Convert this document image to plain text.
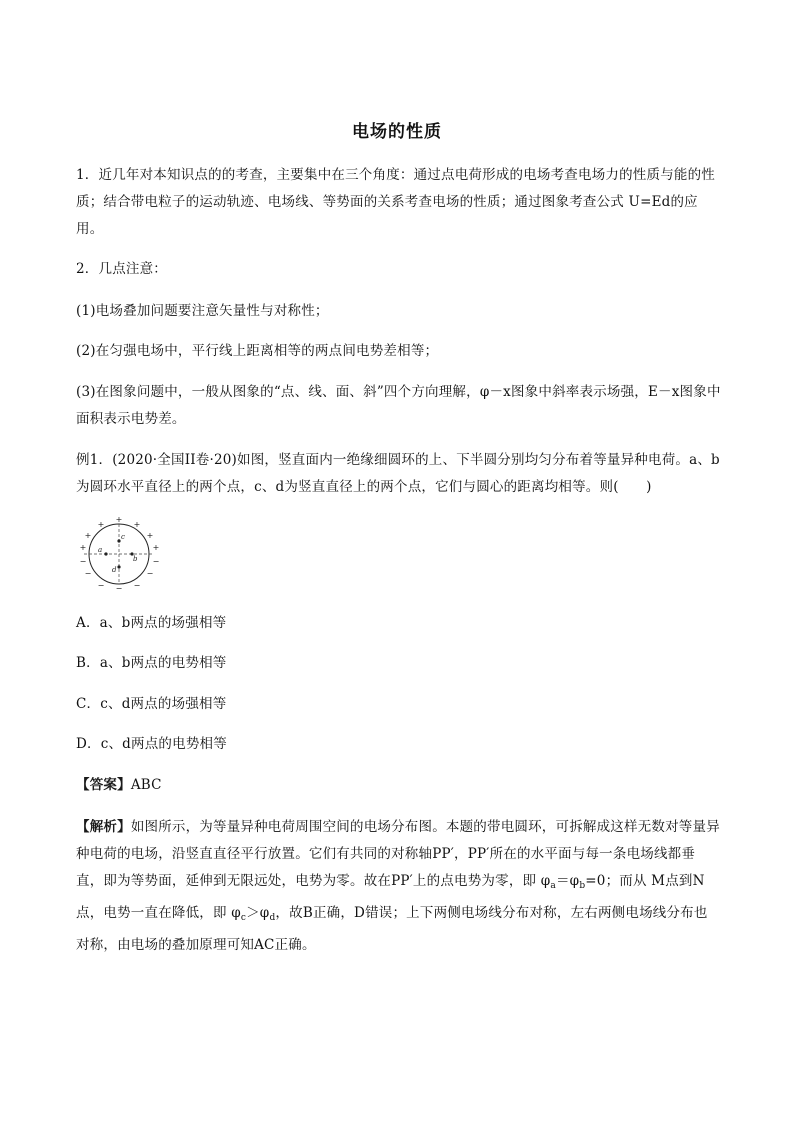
电场的性质
1．近几年对本知识点的的考查，主要集中在三个角度：通过点电荷形成的电场考查电场力的性质与能的性质；结合带电粒子的运动轨迹、电场线、等势面的关系考查电场的性质；通过图象考查公式 U=Ed的应用。
2．几点注意：
(1)电场叠加问题要注意矢量性与对称性；
(2)在匀强电场中，平行线上距离相等的两点间电势差相等；
(3)在图象问题中，一般从图象的“点、线、面、斜”四个方向理解，φ－x图象中斜率表示场强，E－x图象中面积表示电势差。
例1．(2020·全国II卷·20)如图，竖直面内一绝缘细圆环的上、下半圆分别均匀分布着等量异种电荷。a、b为圆环水平直径上的两个点，c、d为竖直直径上的两个点，它们与圆心的距离均相等。则(　　)
a
b
c
d
+
+	+
+	+
+	+
−	−
−	−
−	−
−
A．a、b两点的场强相等
B．a、b两点的电势相等
C．c、d两点的场强相等
D．c、d两点的电势相等
【答案】ABC
【解析】如图所示，为等量异种电荷周围空间的电场分布图。本题的带电圆环，可拆解成这样无数对等量异种电荷的电场，沿竖直直径平行放置。它们有共同的对称轴PP′，PP′所在的水平面与每一条电场线都垂直，即为等势面，延伸到无限远处，电势为零。故在PP′上的点电势为零，即 $\varphi_a=\varphi_b=0$；而从 M点到N点，电势一直在降低，即 $\varphi_c>\varphi_d$，故B正确，D错误；上下两侧电场线分布对称，左右两侧电场线分布也对称，由电场的叠加原理可知AC正确。
